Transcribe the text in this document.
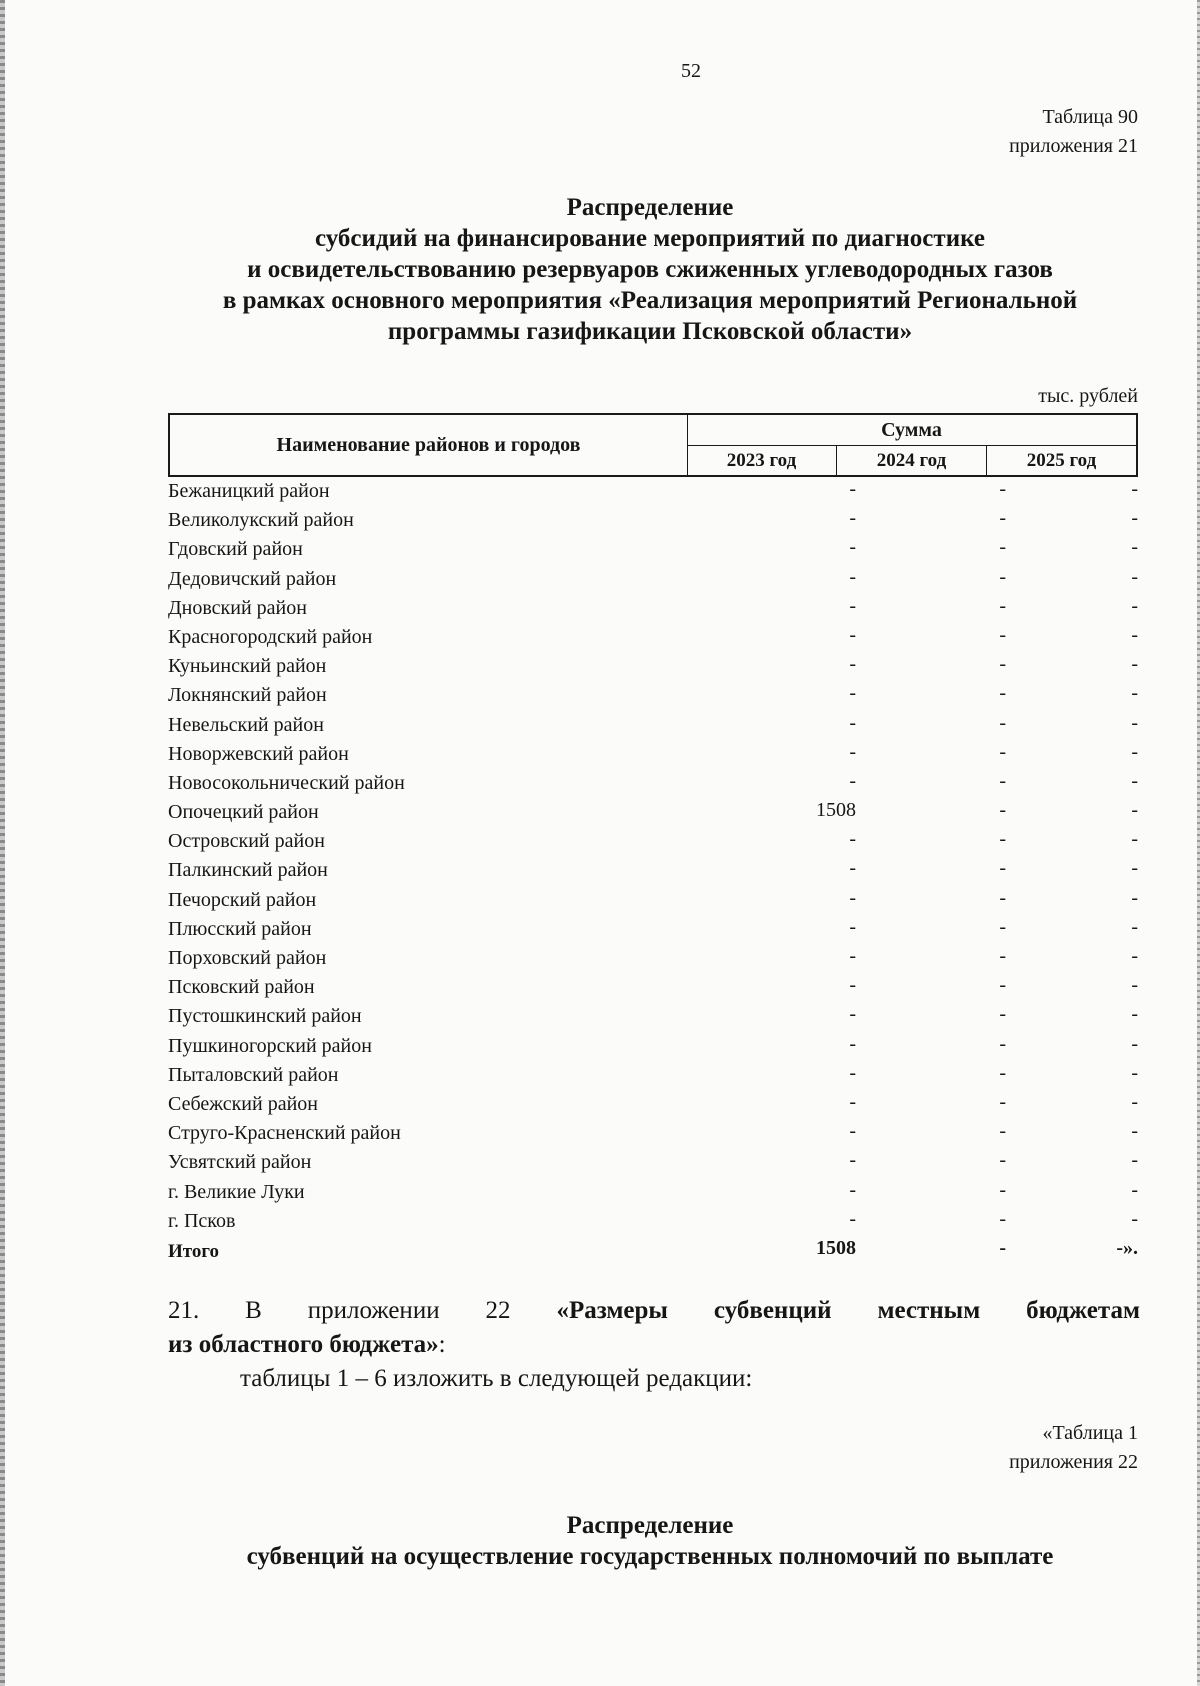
52
Таблица 90
приложения 21
Распределение
субсидий на финансирование мероприятий по диагностике
и освидетельствованию резервуаров сжиженных углеводородных газов
в рамках основного мероприятия «Реализация мероприятий Региональной
программы газификации Псковской области»
тыс. рублей
Наименование районов и городов
Сумма
2023 год	2024 год	2025 год
Бежаницкий район	-	-	-
Великолукский район	-	-	-
Гдовский район	-	-	-
Дедовичский район	-	-	-
Дновский район	-	-	-
Красногородский район	-	-	-
Куньинский район	-	-	-
Локнянский район	-	-	-
Невельский район	-	-	-
Новоржевский район	-	-	-
Новосокольнический район	-	-	-
Опочецкий район	1508	-	-
Островский район	-	-	-
Палкинский район	-	-	-
Печорский район	-	-	-
Плюсский район	-	-	-
Порховский район	-	-	-
Псковский район	-	-	-
Пустошкинский район	-	-	-
Пушкиногорский район	-	-	-
Пыталовский район	-	-	-
Себежский район	-	-	-
Струго-Красненский район	-	-	-
Усвятский район	-	-	-
г. Великие Луки	-	-	-
г. Псков	-	-	-
Итого	1508	-	-».
21. В приложении 22 «Размеры субвенций местным бюджетам
из областного бюджета»:
таблицы 1 – 6 изложить в следующей редакции:
«Таблица 1
приложения 22
Распределение
субвенций на осуществление государственных полномочий по выплате
